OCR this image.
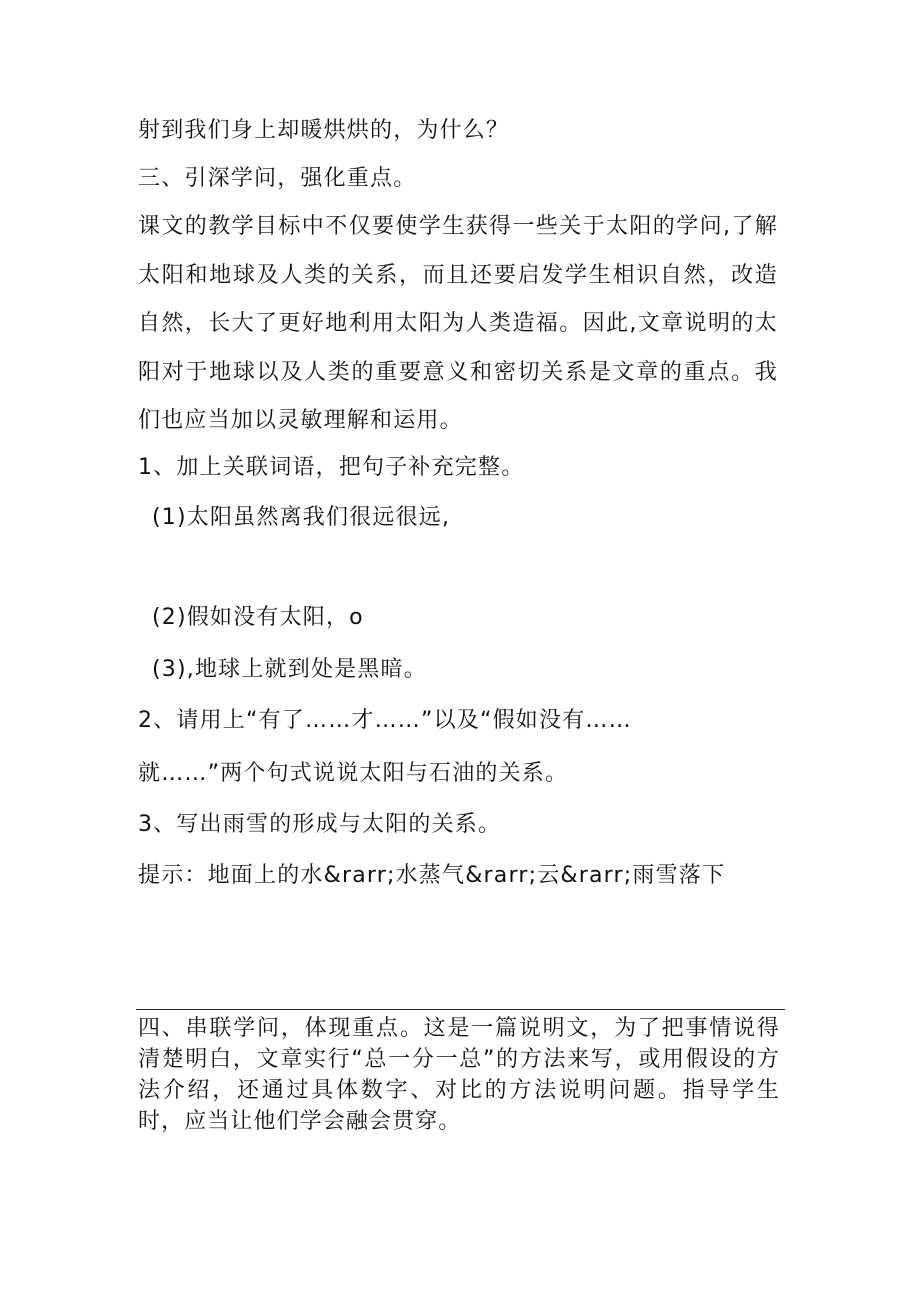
射到我们身上却暖烘烘的，为什么？

三、引深学问，强化重点。

课文的教学目标中不仅要使学生获得一些关于太阳的学问,了解太阳和地球及人类的关系，而且还要启发学生相识自然，改造自然，长大了更好地利用太阳为人类造福。因此,文章说明的太阳对于地球以及人类的重要意义和密切关系是文章的重点。我们也应当加以灵敏理解和运用。

1、加上关联词语，把句子补充完整。

(1)太阳虽然离我们很远很远,

(2)假如没有太阳，o

(3),地球上就到处是黑暗。

2、请用上“有了……才……”以及“假如没有……

就……”两个句式说说太阳与石油的关系。

3、写出雨雪的形成与太阳的关系。

提示：地面上的水&rarr;水蒸气&rarr;云&rarr;雨雪落下

四、串联学问，体现重点。这是一篇说明文，为了把事情说得清楚明白，文章实行“总一分一总”的方法来写，或用假设的方法介绍，还通过具体数字、对比的方法说明问题。指导学生时，应当让他们学会融会贯穿。
